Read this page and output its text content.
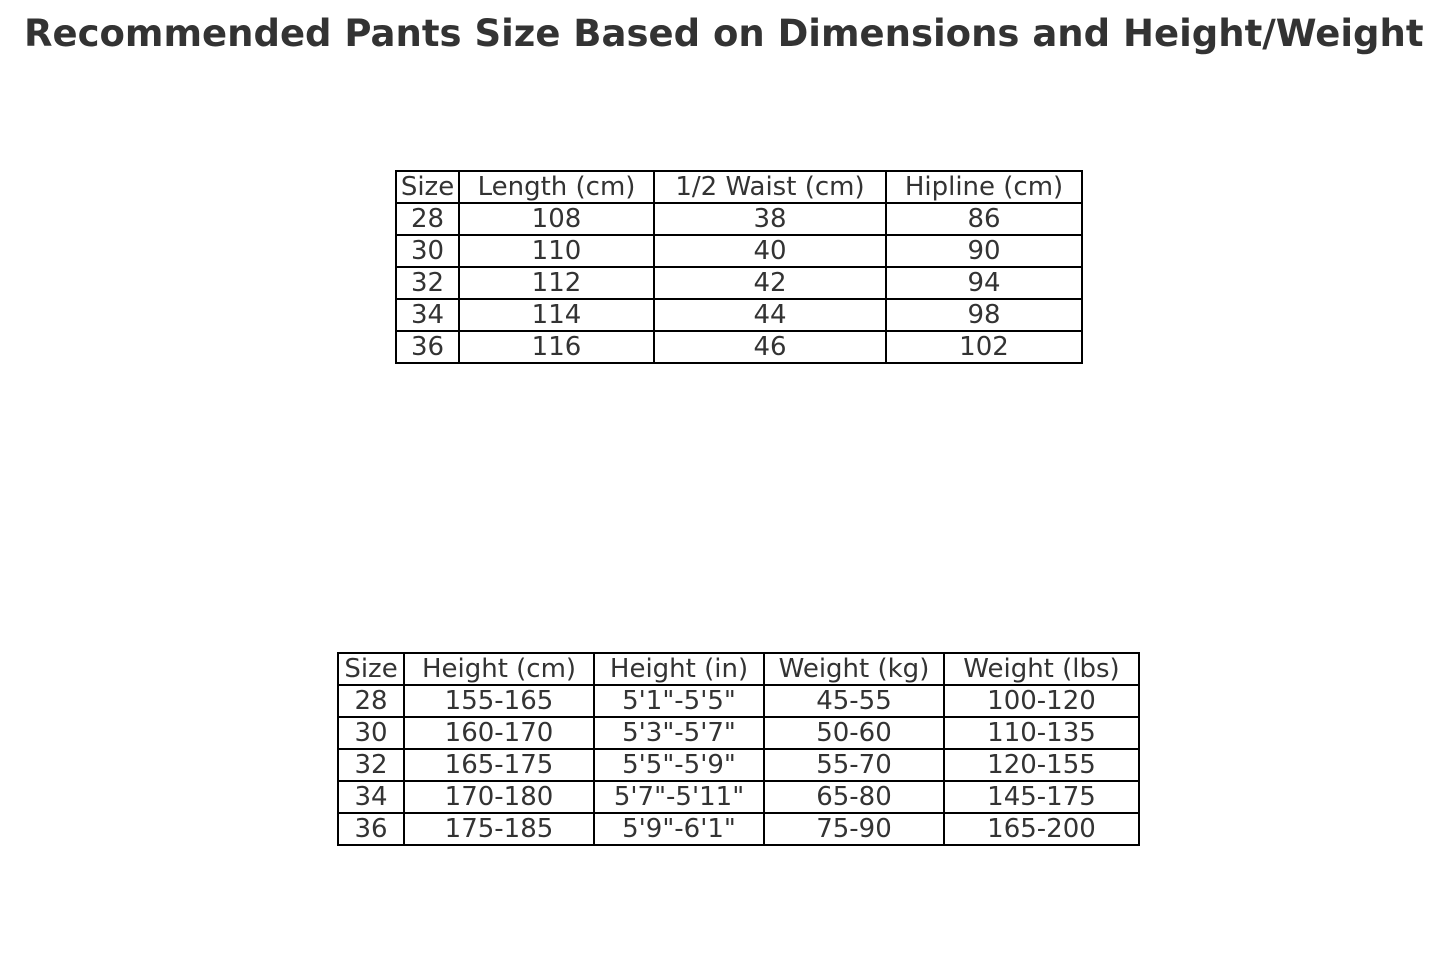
Recommended Pants Size Based on Dimensions and Height/Weight
Size	Length (cm)	1/2 Waist (cm)	Hipline (cm)
28	108	38	86
30	110	40	90
32	112	42	94
34	114	44	98
36	116	46	102
Size	Height (cm)	Height (in)	Weight (kg)	Weight (lbs)
28	155-165	5'1"-5'5"	45-55	100-120
30	160-170	5'3"-5'7"	50-60	110-135
32	165-175	5'5"-5'9"	55-70	120-155
34	170-180	5'7"-5'11"	65-80	145-175
36	175-185	5'9"-6'1"	75-90	165-200
